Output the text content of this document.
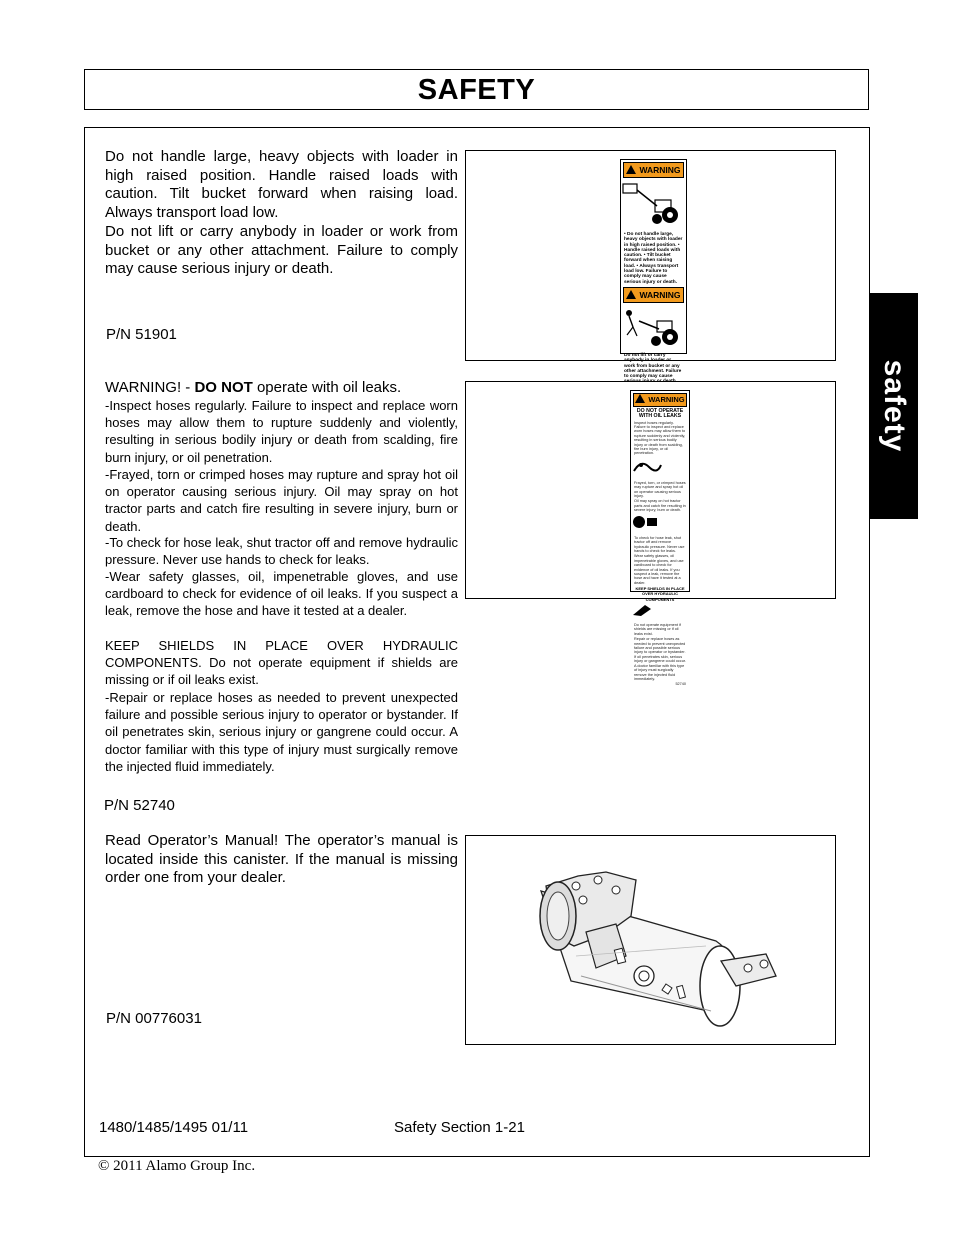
SAFETY
safety

Do not handle large, heavy objects with loader in high raised position. Handle raised loads with caution. Tilt bucket forward when raising load. Always transport load low.

Do not lift or carry anybody in loader or work from bucket or any other attachment. Failure to comply may cause serious injury or death.

P/N 51901
WARNING
• Do not handle large, heavy objects with loader in high raised position. • Handle raised loads with caution. • Tilt bucket forward when raising load. • Always transport load low. Failure to comply may cause serious injury or death.
WARNING
Do not lift or carry anybody in loader or work from bucket or any other attachment. Failure to comply may cause
WARNING! - DO NOT operate with oil leaks.

-Inspect hoses regularly. Failure to inspect and replace worn hoses may allow them to rupture suddenly and violently, resulting in serious bodily injury or death from scalding, fire burn injury, or oil penetration.

-Frayed, torn or crimped hoses may rupture and spray hot oil on operator causing serious injury. Oil may spray on hot tractor parts and catch fire resulting in severe injury, burn or death.

-To check for hose leak, shut tractor off and remove hydraulic pressure. Never use hands to check for leaks.

-Wear safety glasses, oil, impenetrable gloves, and use cardboard to check for evidence of oil leaks. If you suspect a leak, remove the hose and have it tested at a dealer.

KEEP SHIELDS IN PLACE OVER HYDRAULIC COMPONENTS. Do not operate equipment if shields are missing or if oil leaks exist.

-Repair or replace hoses as needed to prevent unexpected failure and possible serious injury to operator or bystander. If oil penetrates skin, serious injury or gangrene could occur. A doctor familiar with this type of injury must surgically remove the injected fluid immediately.

P/N 52740
WARNING
DO NOT OPERATE WITH OIL LEAKS
Inspect hoses regularly. Failure to inspect and replace worn hoses may allow them to rupture suddenly and violently, resulting in serious bodily injury or death from scalding, fire burn injury, or oil penetration.
Frayed, torn, or crimped hoses may rupture and spray hot oil on operator causing serious injury.
Oil may spray on hot tractor parts and catch fire resulting in severe injury, burn or death.
To check for hose leak, shut tractor off and remove hydraulic pressure. Never use hands to check for leaks.
Wear safety glasses, oil impenetrable gloves, and use cardboard to check for evidence of oil leaks. If you suspect a leak, remove the hose and have it tested at a dealer.
KEEP SHIELDS IN PLACE OVER HYDRAULIC COMPONENTS
Do not operate equipment if shields are missing or if oil leaks exist.
Repair or replace hoses as needed to prevent unexpected failure and possible serious injury to operator or bystander. If oil penetrates skin, serious injury or gangrene could occur. A doctor familiar with this type of injury must surgically remove the injected fluid immediately.
52740

Read Operator’s Manual! The operator’s manual is located inside this canister. If the manual is missing order one from your dealer.

P/N 00776031
1480/1485/1495 01/11	Safety Section 1-21
© 2011 Alamo Group Inc.
